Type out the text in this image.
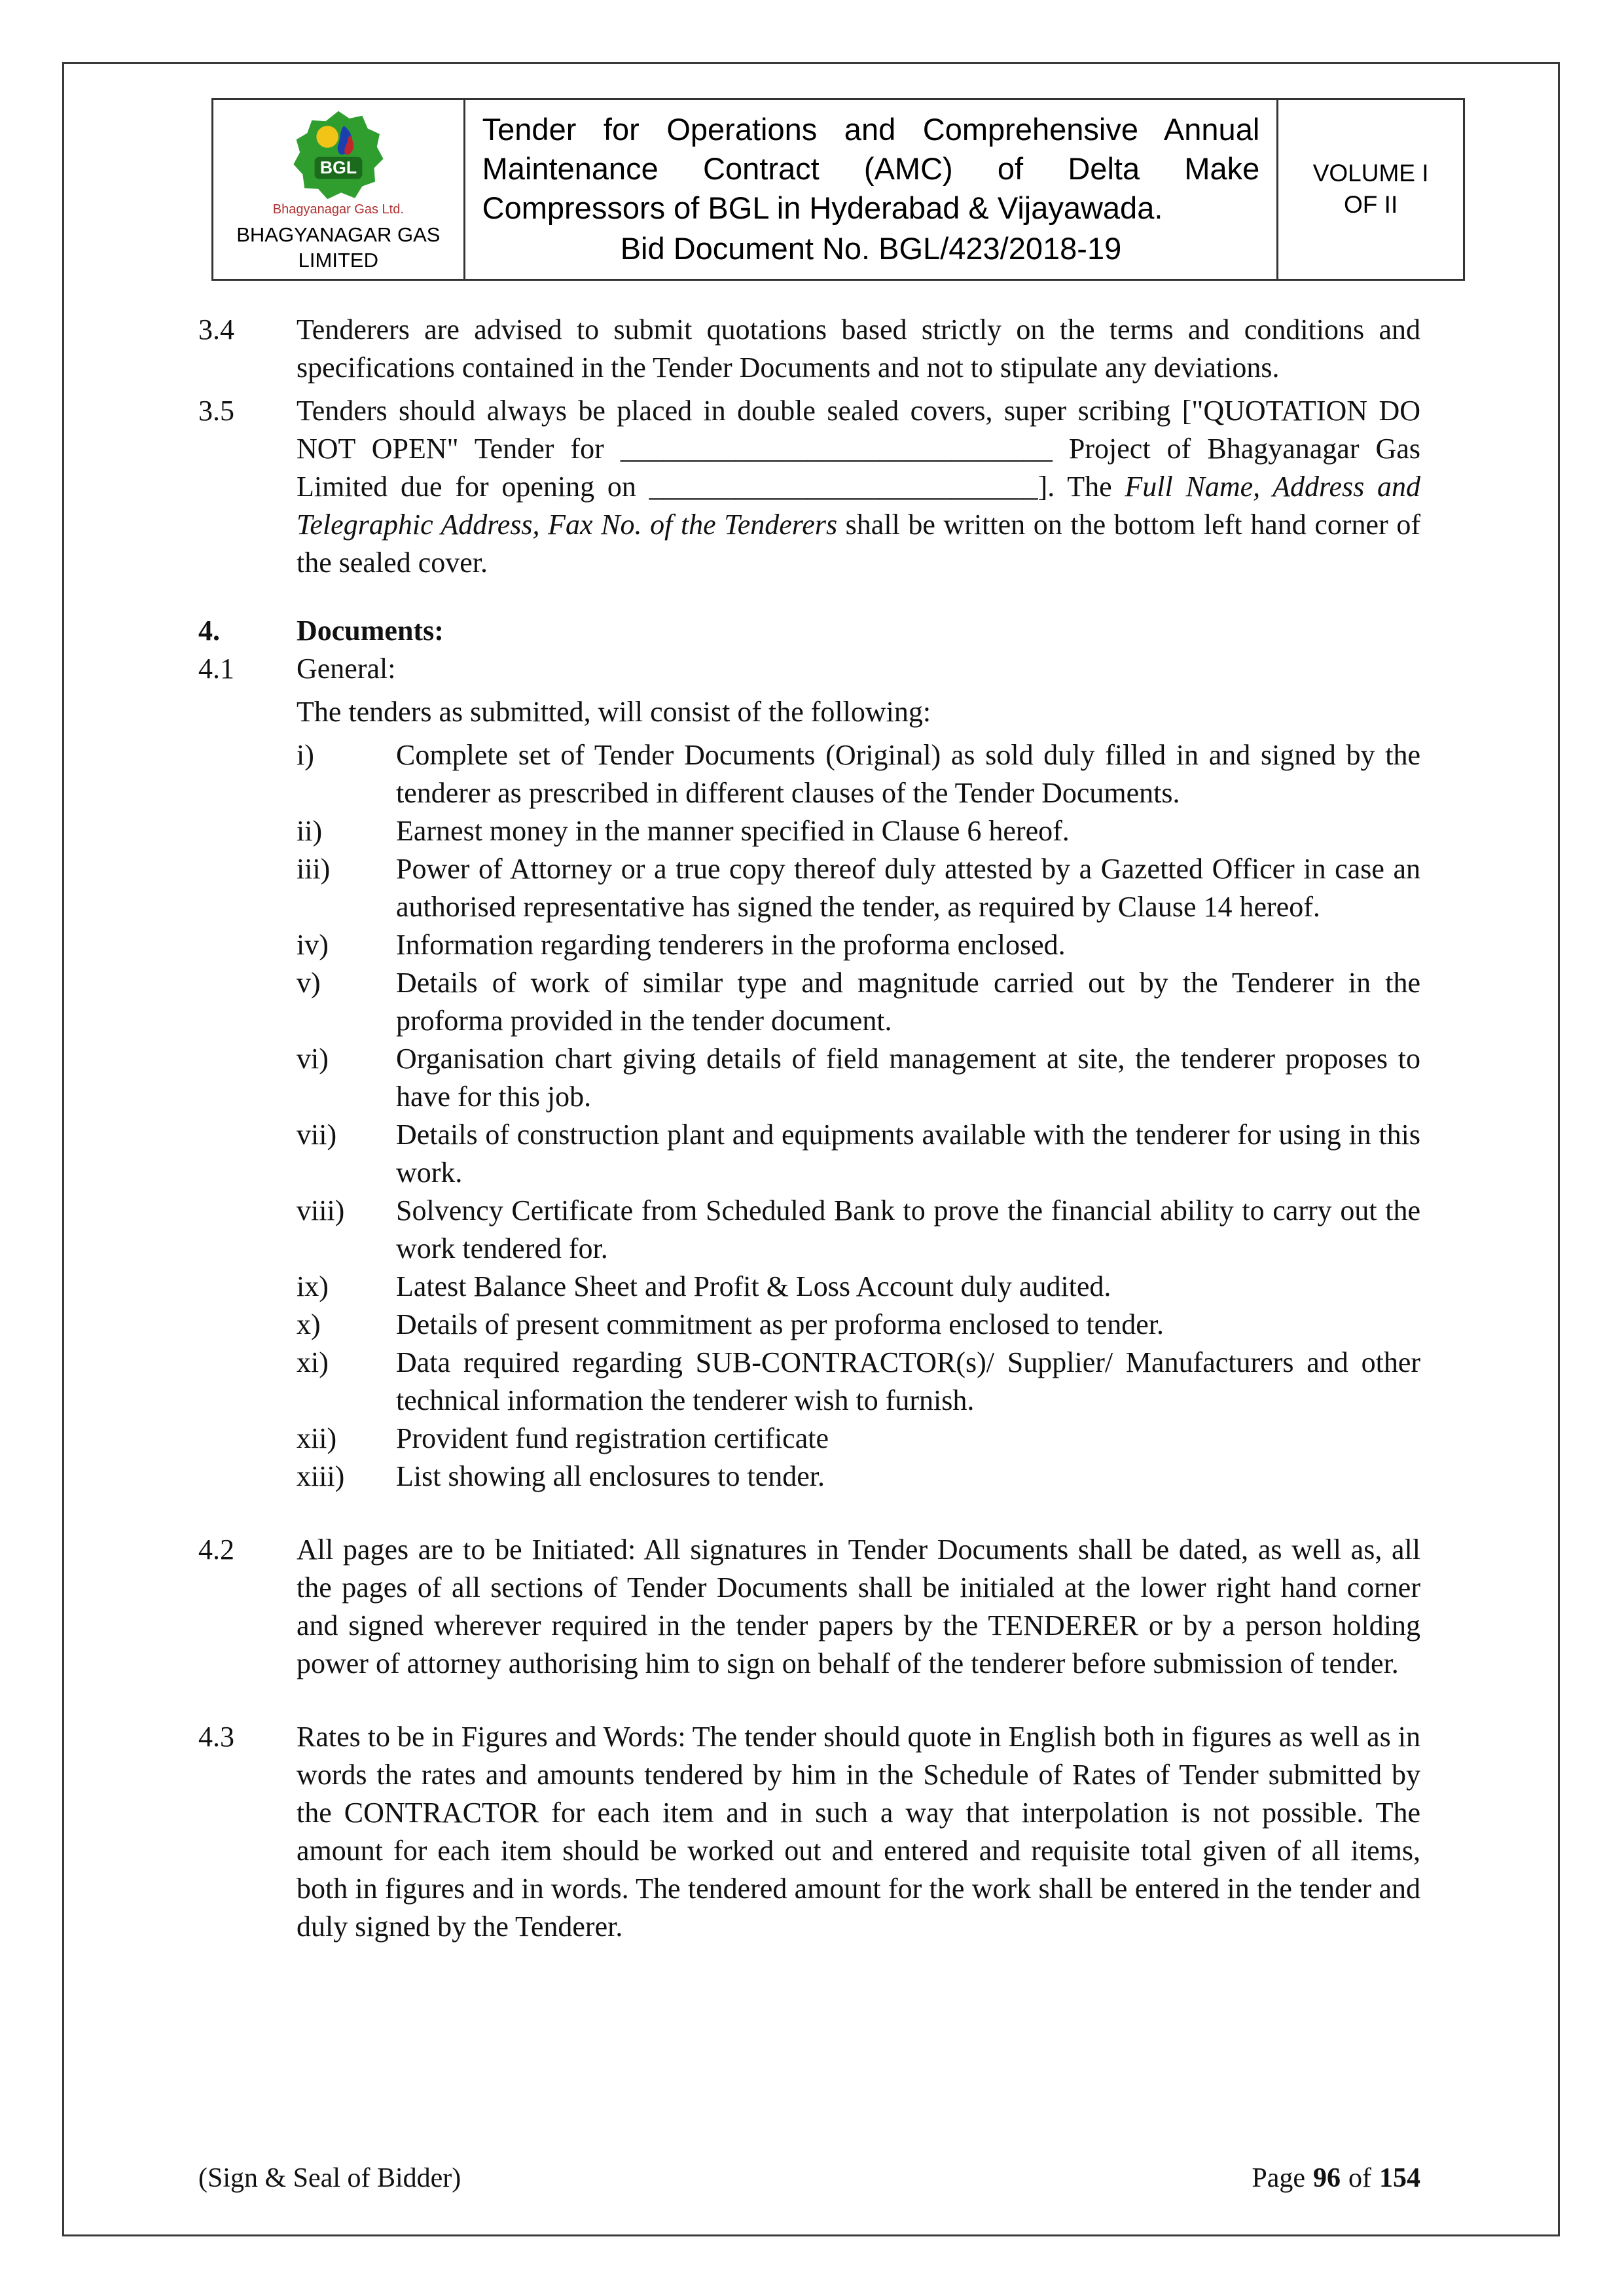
BGL
Bhagyanagar Gas Ltd.
BHAGYANAGAR GAS
LIMITED

Tender for Operations and Comprehensive Annual Maintenance Contract (AMC) of Delta Make Compressors of BGL in Hyderabad & Vijayawada.
Bid Document No. BGL/423/2018-19

VOLUME I
OF II
3.4	Tenderers are advised to submit quotations based strictly on the terms and conditions and specifications contained in the Tender Documents and not to stipulate any deviations.
3.5	Tenders should always be placed in double sealed covers, super scribing ["QUOTATION DO NOT OPEN" Tender for ______________________________ Project of Bhagyanagar Gas Limited due for opening on ___________________________]. The Full Name, Address and Telegraphic Address, Fax No. of the Tenderers shall be written on the bottom left hand corner of the sealed cover.
4.	Documents:
4.1	General:
The tenders as submitted, will consist of the following:
i)	Complete set of Tender Documents (Original) as sold duly filled in and signed by the tenderer as prescribed in different clauses of the Tender Documents.
ii)	Earnest money in the manner specified in Clause 6 hereof.
iii)	Power of Attorney or a true copy thereof duly attested by a Gazetted Officer in case an authorised representative has signed the tender, as required by Clause 14 hereof.
iv)	Information regarding tenderers in the proforma enclosed.
v)	Details of work of similar type and magnitude carried out by the Tenderer in the proforma provided in the tender document.
vi)	Organisation chart giving details of field management at site, the tenderer proposes to have for this job.
vii)	Details of construction plant and equipments available with the tenderer for using in this work.
viii)	Solvency Certificate from Scheduled Bank to prove the financial ability to carry out the work tendered for.
ix)	Latest Balance Sheet and Profit & Loss Account duly audited.
x)	Details of present commitment as per proforma enclosed to tender.
xi)	Data required regarding SUB-CONTRACTOR(s)/ Supplier/ Manufacturers and other technical information the tenderer wish to furnish.
xii)	Provident fund registration certificate
xiii)	List showing all enclosures to tender.
4.2	All pages are to be Initiated: All signatures in Tender Documents shall be dated, as well as, all the pages of all sections of Tender Documents shall be initialed at the lower right hand corner and signed wherever required in the tender papers by the TENDERER or by a person holding power of attorney authorising him to sign on behalf of the tenderer before submission of tender.
4.3	Rates to be in Figures and Words: The tender should quote in English both in figures as well as in words the rates and amounts tendered by him in the Schedule of Rates of Tender submitted by the CONTRACTOR for each item and in such a way that interpolation is not possible. The amount for each item should be worked out and entered and requisite total given of all items, both in figures and in words. The tendered amount for the work shall be entered in the tender and duly signed by the Tenderer.
(Sign & Seal of Bidder)	Page 96 of 154
